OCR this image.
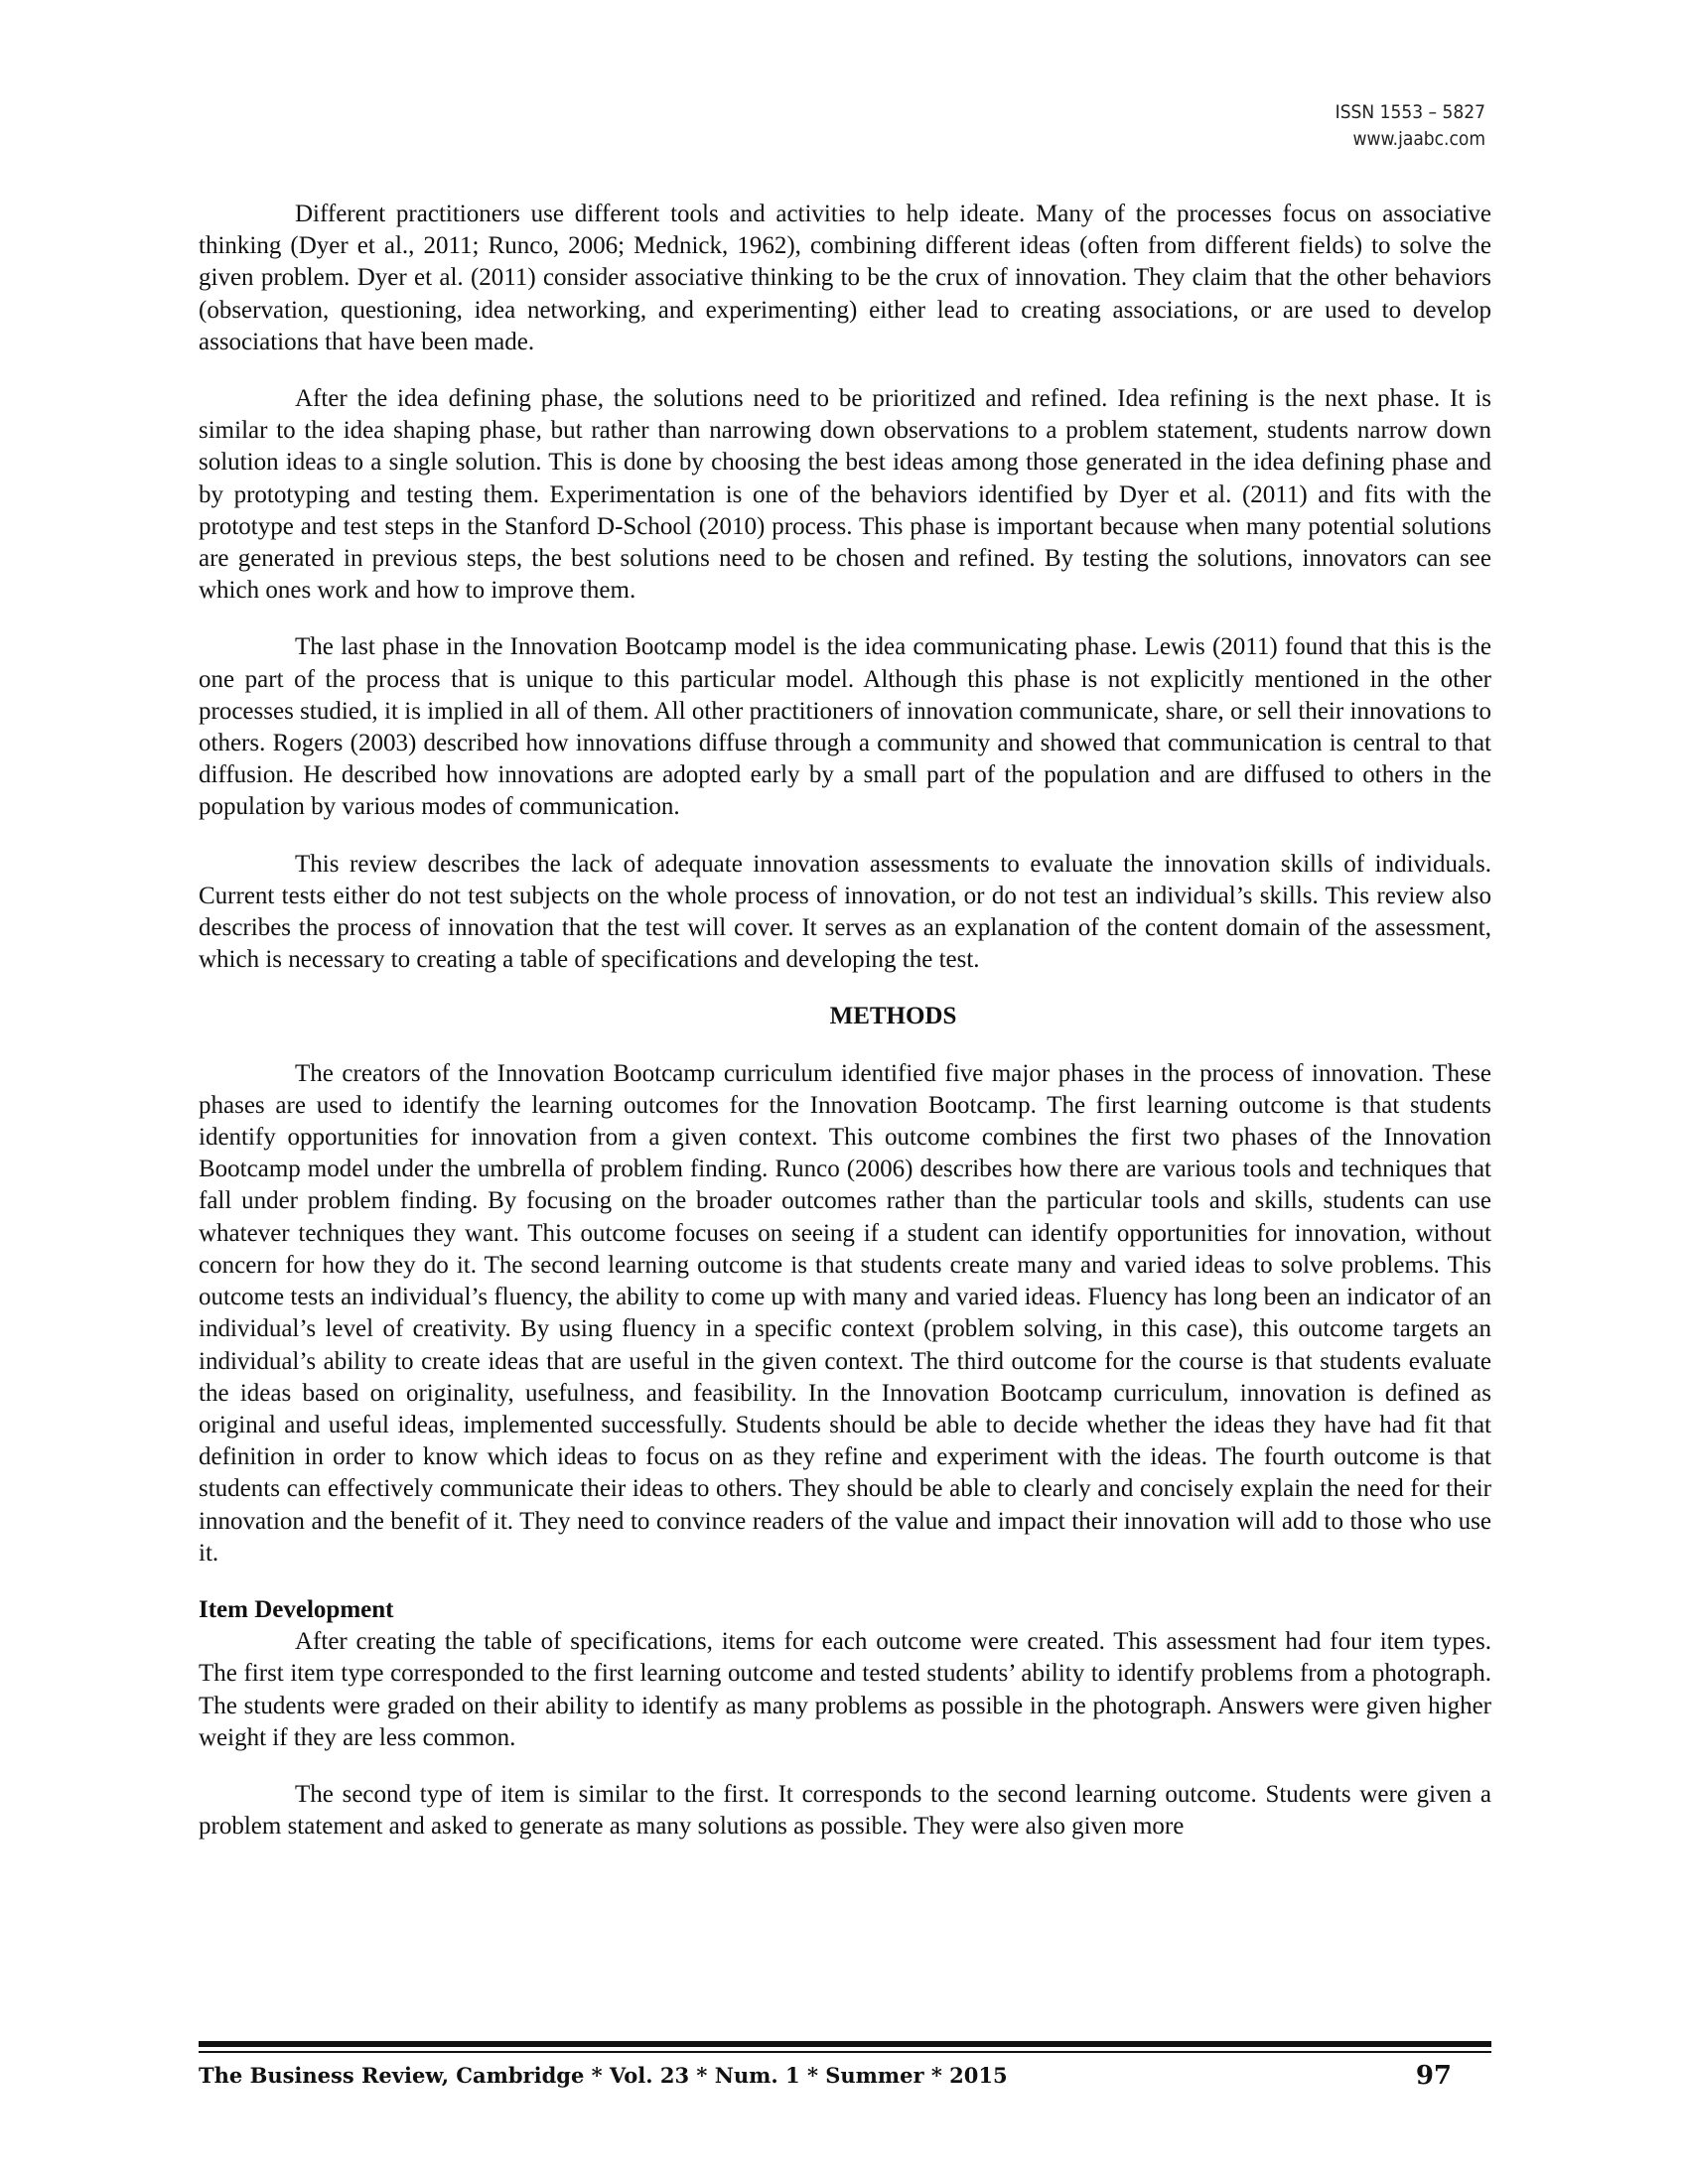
ISSN 1553 – 5827
www.jaabc.com

Different practitioners use different tools and activities to help ideate. Many of the processes focus on associative thinking (Dyer et al., 2011; Runco, 2006; Mednick, 1962), combining different ideas (often from different fields) to solve the given problem. Dyer et al. (2011) consider associative thinking to be the crux of innovation. They claim that the other behaviors (observation, questioning, idea networking, and experimenting) either lead to creating associations, or are used to develop associations that have been made.

After the idea defining phase, the solutions need to be prioritized and refined. Idea refining is the next phase. It is similar to the idea shaping phase, but rather than narrowing down observations to a problem statement, students narrow down solution ideas to a single solution. This is done by choosing the best ideas among those generated in the idea defining phase and by prototyping and testing them. Experimentation is one of the behaviors identified by Dyer et al. (2011) and fits with the prototype and test steps in the Stanford D-School (2010) process. This phase is important because when many potential solutions are generated in previous steps, the best solutions need to be chosen and refined. By testing the solutions, innovators can see which ones work and how to improve them.

The last phase in the Innovation Bootcamp model is the idea communicating phase. Lewis (2011) found that this is the one part of the process that is unique to this particular model. Although this phase is not explicitly mentioned in the other processes studied, it is implied in all of them. All other practitioners of innovation communicate, share, or sell their innovations to others. Rogers (2003) described how innovations diffuse through a community and showed that communication is central to that diffusion. He described how innovations are adopted early by a small part of the population and are diffused to others in the population by various modes of communication.

This review describes the lack of adequate innovation assessments to evaluate the innovation skills of individuals. Current tests either do not test subjects on the whole process of innovation, or do not test an individual’s skills. This review also describes the process of innovation that the test will cover. It serves as an explanation of the content domain of the assessment, which is necessary to creating a table of specifications and developing the test.

METHODS

The creators of the Innovation Bootcamp curriculum identified five major phases in the process of innovation. These phases are used to identify the learning outcomes for the Innovation Bootcamp. The first learning outcome is that students identify opportunities for innovation from a given context. This outcome combines the first two phases of the Innovation Bootcamp model under the umbrella of problem finding. Runco (2006) describes how there are various tools and techniques that fall under problem finding. By focusing on the broader outcomes rather than the particular tools and skills, students can use whatever techniques they want. This outcome focuses on seeing if a student can identify opportunities for innovation, without concern for how they do it. The second learning outcome is that students create many and varied ideas to solve problems. This outcome tests an individual’s fluency, the ability to come up with many and varied ideas. Fluency has long been an indicator of an individual’s level of creativity. By using fluency in a specific context (problem solving, in this case), this outcome targets an individual’s ability to create ideas that are useful in the given context. The third outcome for the course is that students evaluate the ideas based on originality, usefulness, and feasibility. In the Innovation Bootcamp curriculum, innovation is defined as original and useful ideas, implemented successfully. Students should be able to decide whether the ideas they have had fit that definition in order to know which ideas to focus on as they refine and experiment with the ideas. The fourth outcome is that students can effectively communicate their ideas to others. They should be able to clearly and concisely explain the need for their innovation and the benefit of it. They need to convince readers of the value and impact their innovation will add to those who use it.

Item Development

After creating the table of specifications, items for each outcome were created. This assessment had four item types. The first item type corresponded to the first learning outcome and tested students’ ability to identify problems from a photograph. The students were graded on their ability to identify as many problems as possible in the photograph. Answers were given higher weight if they are less common.

The second type of item is similar to the first. It corresponds to the second learning outcome. Students were given a problem statement and asked to generate as many solutions as possible. They were also given more

The Business Review, Cambridge * Vol. 23 * Num. 1 * Summer * 2015	97
